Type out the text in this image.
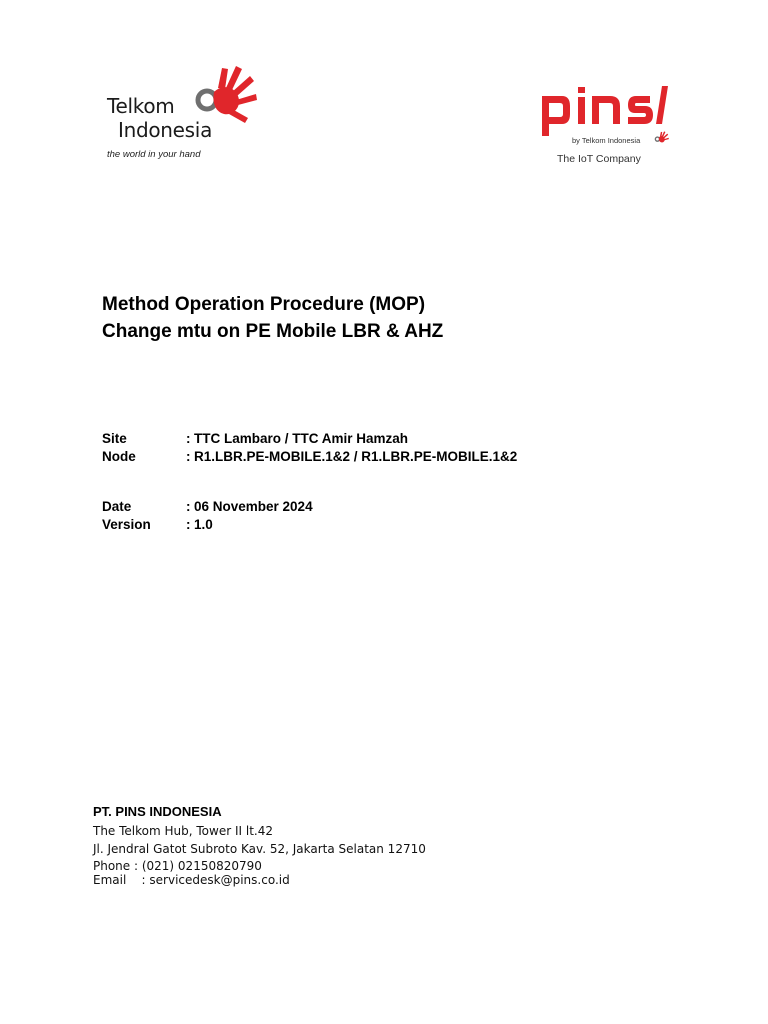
Telkom
Indonesia
the world in your hand
by Telkom Indonesia
The IoT Company
Method Operation Procedure (MOP)
Change mtu on PE Mobile LBR & AHZ
Site	: TTC Lambaro / TTC Amir Hamzah
Node	: R1.LBR.PE-MOBILE.1&2 / R1.LBR.PE-MOBILE.1&2
Date	: 06 November 2024
Version	: 1.0
PT. PINS INDONESIA
The Telkom Hub, Tower II lt.42
Jl. Jendral Gatot Subroto Kav. 52, Jakarta Selatan 12710
Phone : (021) 02150820790
Email    : servicedesk@pins.co.id
